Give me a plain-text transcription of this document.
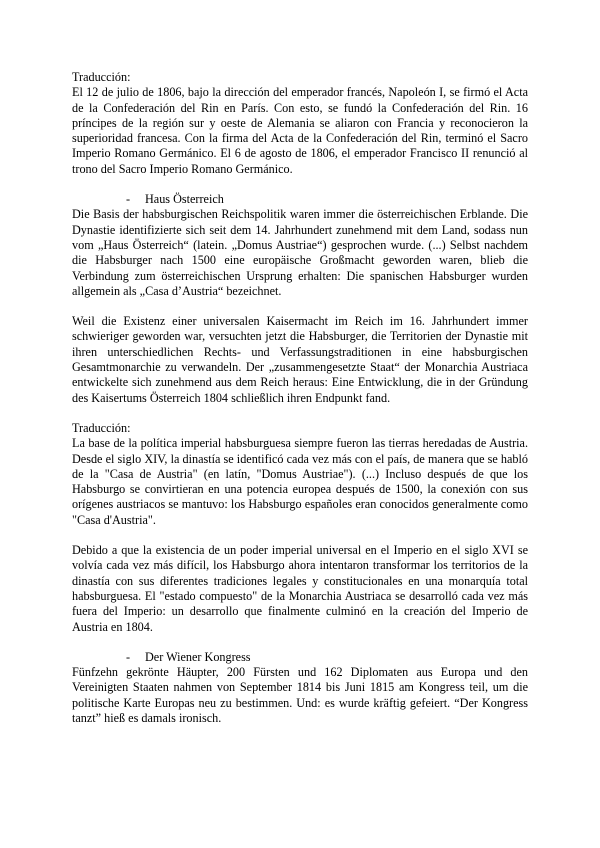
Traducción:

El 12 de julio de 1806, bajo la dirección del emperador francés, Napoleón I, se firmó el Acta de la Confederación del Rin en París. Con esto, se fundó la Confederación del Rin. 16 príncipes de la región sur y oeste de Alemania se aliaron con Francia y reconocieron la superioridad francesa. Con la firma del Acta de la Confederación del Rin, terminó el Sacro Imperio Romano Germánico. El 6 de agosto de 1806, el emperador Francisco II renunció al trono del Sacro Imperio Romano Germánico.

- Haus Österreich

Die Basis der habsburgischen Reichspolitik waren immer die österreichischen Erblande. Die Dynastie identifizierte sich seit dem 14. Jahrhundert zunehmend mit dem Land, sodass nun vom „Haus Österreich“ (latein. „Domus Austriae“) gesprochen wurde. (...) Selbst nachdem die Habsburger nach 1500 eine europäische Großmacht geworden waren, blieb die Verbindung zum österreichischen Ursprung erhalten: Die spanischen Habsburger wurden allgemein als „Casa d’Austria“ bezeichnet.

Weil die Existenz einer universalen Kaisermacht im Reich im 16. Jahrhundert immer schwieriger geworden war, versuchten jetzt die Habsburger, die Territorien der Dynastie mit ihren unterschiedlichen Rechts- und Verfassungstraditionen in eine habsburgischen Gesamtmonarchie zu verwandeln. Der „zusammengesetzte Staat“ der Monarchia Austriaca entwickelte sich zunehmend aus dem Reich heraus: Eine Entwicklung, die in der Gründung des Kaisertums Österreich 1804 schließlich ihren Endpunkt fand.

Traducción:

La base de la política imperial habsburguesa siempre fueron las tierras heredadas de Austria. Desde el siglo XIV, la dinastía se identificó cada vez más con el país, de manera que se habló de la "Casa de Austria" (en latín, "Domus Austriae"). (...) Incluso después de que los Habsburgo se convirtieran en una potencia europea después de 1500, la conexión con sus orígenes austriacos se mantuvo: los Habsburgo españoles eran conocidos generalmente como "Casa d'Austria".

Debido a que la existencia de un poder imperial universal en el Imperio en el siglo XVI se volvía cada vez más difícil, los Habsburgo ahora intentaron transformar los territorios de la dinastía con sus diferentes tradiciones legales y constitucionales en una monarquía total habsburguesa. El "estado compuesto" de la Monarchia Austriaca se desarrolló cada vez más fuera del Imperio: un desarrollo que finalmente culminó en la creación del Imperio de Austria en 1804.

- Der Wiener Kongress

Fünfzehn gekrönte Häupter, 200 Fürsten und 162 Diplomaten aus Europa und den Vereinigten Staaten nahmen von September 1814 bis Juni 1815 am Kongress teil, um die politische Karte Europas neu zu bestimmen. Und: es wurde kräftig gefeiert. “Der Kongress tanzt” hieß es damals ironisch.
